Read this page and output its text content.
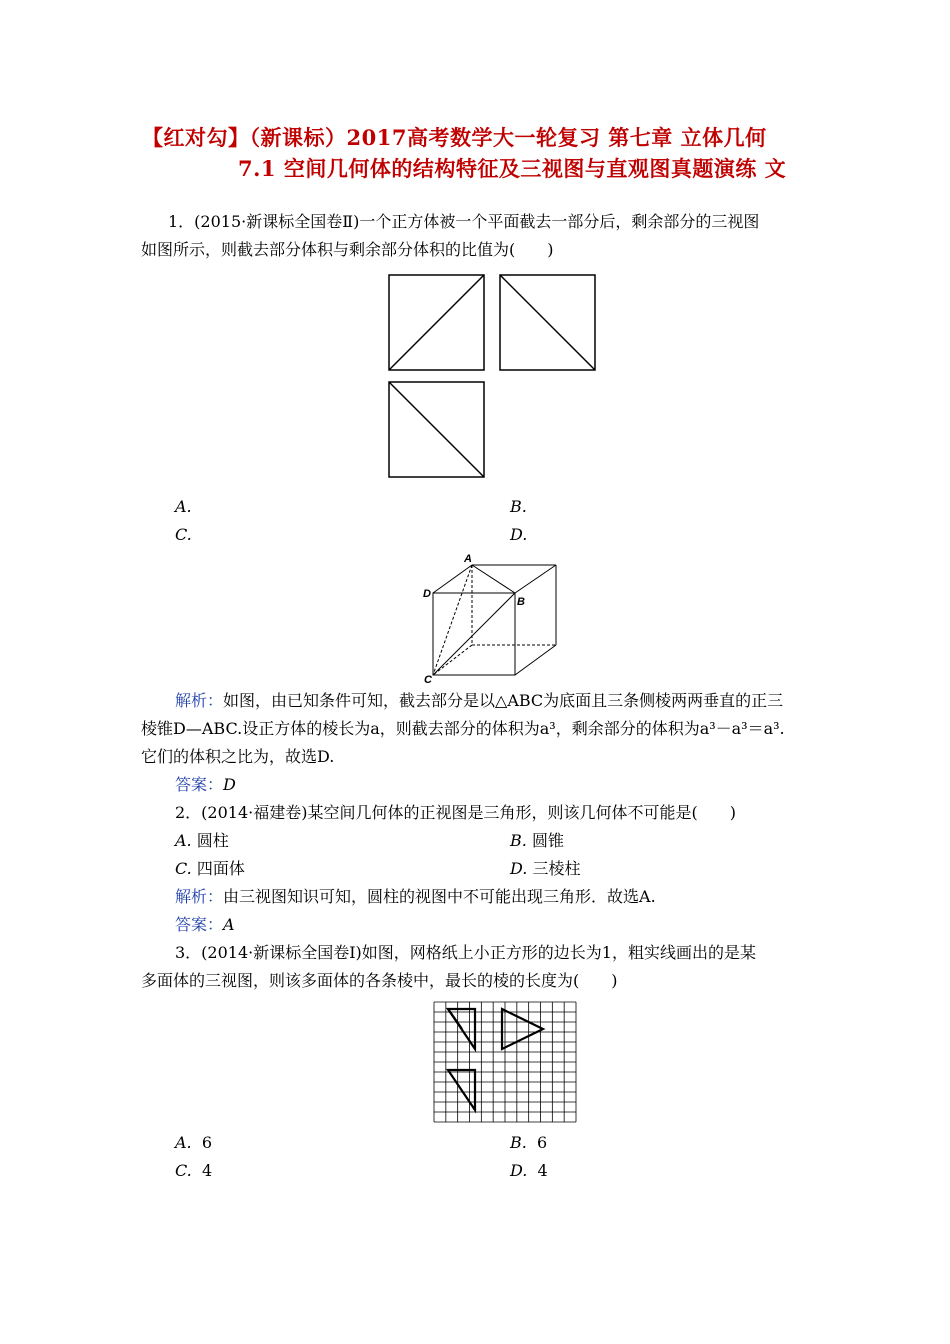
【红对勾】（新课标）2017高考数学大一轮复习 第七章 立体几何
7.1 空间几何体的结构特征及三视图与直观图真题演练 文
1．(2015·新课标全国卷Ⅱ)一个正方体被一个平面截去一部分后，剩余部分的三视图
如图所示，则截去部分体积与剩余部分体积的比值为(　　)
A.	B.
C.	D.
A
B
C
D
解析：如图，由已知条件可知，截去部分是以△ABC为底面且三条侧棱两两垂直的正三
棱锥D—ABC.设正方体的棱长为a，则截去部分的体积为a³，剩余部分的体积为a³－a³＝a³.
它们的体积之比为，故选D.
答案：D
2．(2014·福建卷)某空间几何体的正视图是三角形，则该几何体不可能是(　　)
A. 圆柱	B. 圆锥
C. 四面体	D. 三棱柱
解析：由三视图知识可知，圆柱的视图中不可能出现三角形．故选A.
答案：A
3．(2014·新课标全国卷Ⅰ)如图，网格纸上小正方形的边长为1，粗实线画出的是某
多面体的三视图，则该多面体的各条棱中，最长的棱的长度为(　　)
A. 6	B. 6
C. 4	D. 4
